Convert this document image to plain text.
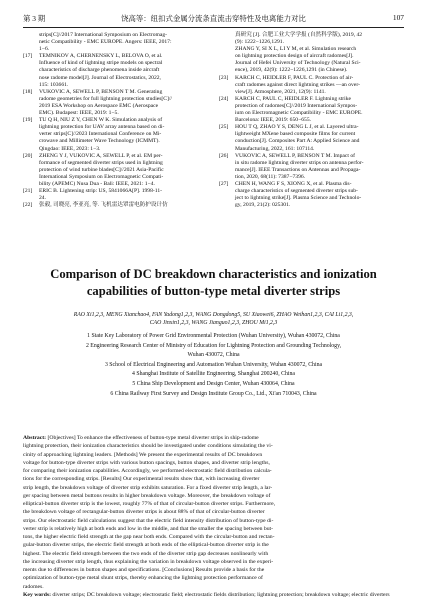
第 3 期	饶高等：纽扣式金属分流条直流击穿特性及电离能力对比	107
strips[C]//2017 International Symposium on Electromag-
netic Compatibility - EMC EUROPE. Angers: IEEE, 2017:
1−6.
[17]	TEMNIKOV A, CHERNENSKY L, BELOVA O, et al.
Influence of kind of lightning stripe models on spectral
characteristics of discharge phenomena inside aircraft
nose radome model[J]. Journal of Electrostatics, 2022,
115: 103661.
[18]	VUKOVIC A, SEWELL P, BENSON T M. Generating
radome geometries for full lightning protection studies[C]//
2019 ESA Workshop on Aerospace EMC (Aerospace
EMC). Budapest: IEEE, 2019: 1−5.
[19]	TU Q H, NIU Z Y, CHEN W K. Simulation analysis of
lightning protection for UAV array antenna based on di-
verter strips[C]//2023 International Conference on Mi-
crowave and Millimeter Wave Technology (ICMMT).
Qingdao: IEEE, 2023: 1−3.
[20]	ZHENG Y J, VUKOVIC A, SEWELL P, et al. EM per-
formance of segmented diverter strips used in lightning
protection of wind turbine blades[C]//2021 Asia-Pacific
International Symposium on Electromagnetic Compati-
bility (APEMC) Nusa Dua - Bali: IEEE, 2021: 1−4.
[21]	ERIC B. Lightening strip: US, 5841066A[P]. 1998-11-
24.
[22]	张毅, 司晓亮, 李亚亮, 等. 飞机雷达罩雷电防护设计仿
真研究 [J]. 合肥工业大学学报 (自然科学版), 2019, 42
(9): 1222−1226,1291.
ZHANG Y, SI X L, LI Y M, et al. Simulation research
on lightning protection design of aircraft radomes[J].
Journal of Hefei University of Technology (Natural Sci-
ence), 2019, 42(9): 1222−1226,1291 (in Chinese).
[23]	KARCH C, HEIDLER F, PAUL C. Protection of air-
craft radomes against direct lightning strikes —an over-
view[J]. Atmosphere, 2021, 12(9): 1141.
[24]	KARCH C, PAUL C, HEIDLER F. Lightning strike
protection of radomes[C]//2019 International Sympos-
ium on Electromagnetic Compatibility - EMC EUROPE.
Barcelona: IEEE, 2019: 650−655.
[25]	HOU T Q, ZHAO Y S, DENG L J, et al. Layered ultra-
lightweight MXene based composite films for current
conduction[J]. Composites Part A: Applied Science and
Manufacturing, 2022, 161: 107114.
[26]	VUKOVIC A, SEWELL P, BENSON T M. Impact of
in situ radome lightning diverter strips on antenna perfor-
mance[J]. IEEE Transactions on Antennas and Propaga-
tion, 2020, 68(11): 7387−7396.
[27]	CHEN H, WANG F S, XIONG X, et al. Plasma dis-
charge characteristics of segmented diverter strips sub-
ject to lightning strike[J]. Plasma Science and Technolo-
gy, 2019, 21(2): 025301.
Comparison of DC breakdown characteristics and ionization
capabilities of button-type metal diverter strips
RAO Xi1,2,3, MENG Xianchao4, FAN Yadong1,2,3, WANG Dongdong5, SU Xiaowei6, ZHAO Weihan1,2,3, CAI Li1,2,3,
CAO Jinxin1,2,3, WANG Jianguo1,2,3, ZHOU Mi1,2,3
1 State Key Laboratory of Power Grid Environmental Protection (Wuhan University), Wuhan 430072, China
2 Engineering Research Center of Ministry of Education for Lightning Protection and Grounding Technology,
Wuhan 430072, China
3 School of Electrical Engineering and Automation Wuhan University, Wuhan 430072, China
4 Shanghai Institute of Satellite Engineering, Shanghai 200240, China
5 China Ship Development and Design Center, Wuhan 430064, China
6 China Railway First Survey and Design Institute Group Co., Ltd., Xi'an 710043, China
Abstract: [Objectives] To enhance the effectiveness of button-type metal diverter strips in ship-radome
lightning protection, their ionization characteristics should be investigated under conditions simulating the vi-
cinity of approaching lightning leaders. [Methods] We present the experimental results of DC breakdown
voltage for button-type diverter strips with various button spacings, button shapes, and diverter strip lengths,
for comparing their ionization capabilities. Accordingly, we performed electrostatic field distribution calcula-
tions for the corresponding strips. [Results] Our experimental results show that, with increasing diverter
strip length, the breakdown voltage of diverter strip exhibits saturation. For a fixed diverter strip length, a lar-
ger spacing between metal buttons results in higher breakdown voltage. Moreover, the breakdown voltage of
elliptical-button diverter strip is the lowest, roughly 77% of that of circular-button diverter strips. Furthermore,
the breakdown voltage of rectangular-button diverter strips is about 88% of that of circular-button diverter
strips. Our electrostatic field calculations suggest that the electric field intensity distribution of button-type di-
verter strip is relatively high at both ends and low in the middle, and that the smaller the spacing between but-
tons, the higher electric field strength at the gap near both ends. Compared with the circular-button and rectan-
gular-button diverter strips, the electric field strength at both ends of the elliptical-button diverter strip is the
highest. The electric field strength between the two ends of the diverter strip gap decreases nonlinearly with
the increasing diverter strip length, thus explaining the variation in breakdown voltage observed in the experi-
ments due to differences in button shapes and specifications. [Conclusions] Results provide a basis for the
optimization of button-type metal shunt strips, thereby enhancing the lightning protection performance of
radomes.
Key words: diverter strips; DC breakdown voltage; electrostatic field; electrostatic fields distribution; lightning protection; breakdown voltage; electric diverters
